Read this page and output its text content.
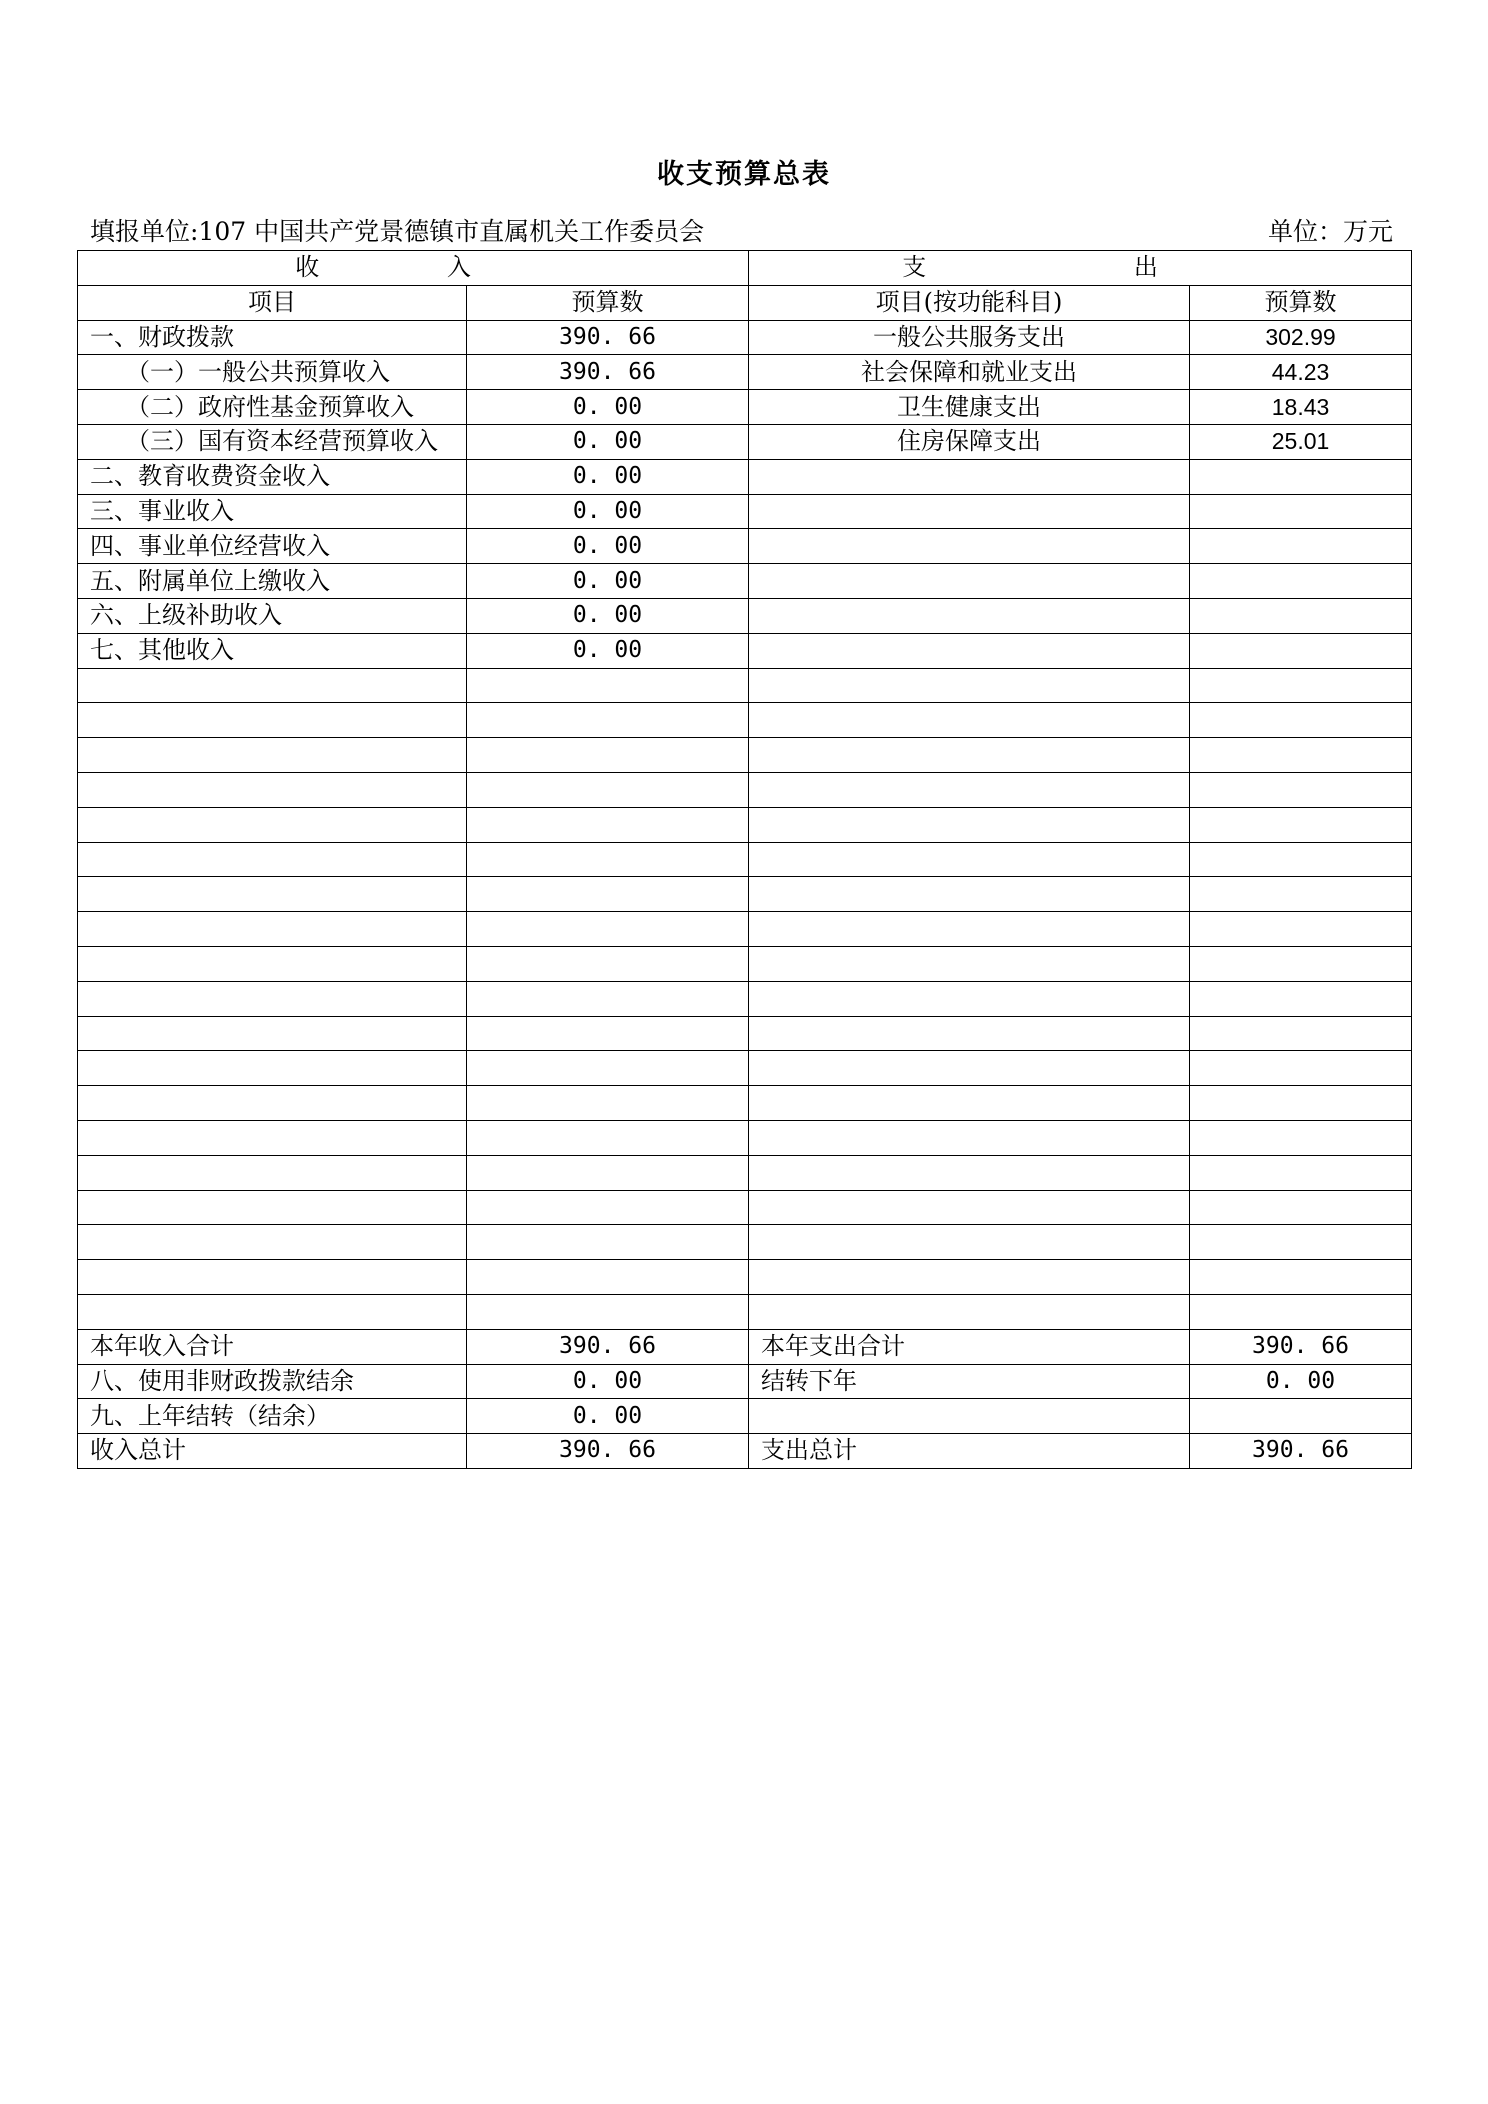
收支预算总表
填报单位:107 中国共产党景德镇市直属机关工作委员会	单位：万元
收 入		支 出	
项目	预算数	项目(按功能科目)	预算数
一、财政拨款	390. 66	一般公共服务支出	302.99
（一）一般公共预算收入	390. 66	社会保障和就业支出	44.23
（二）政府性基金预算收入	0. 00	卫生健康支出	18.43
（三）国有资本经营预算收入	0. 00	住房保障支出	25.01
二、教育收费资金收入	0. 00		
三、事业收入	0. 00		
四、事业单位经营收入	0. 00		
五、附属单位上缴收入	0. 00		
六、上级补助收入	0. 00		
七、其他收入	0. 00		

本年收入合计	390. 66	本年支出合计	390. 66
八、使用非财政拨款结余	0. 00	结转下年	0. 00
九、上年结转（结余）	0. 00		
收入总计	390. 66	支出总计	390. 66
